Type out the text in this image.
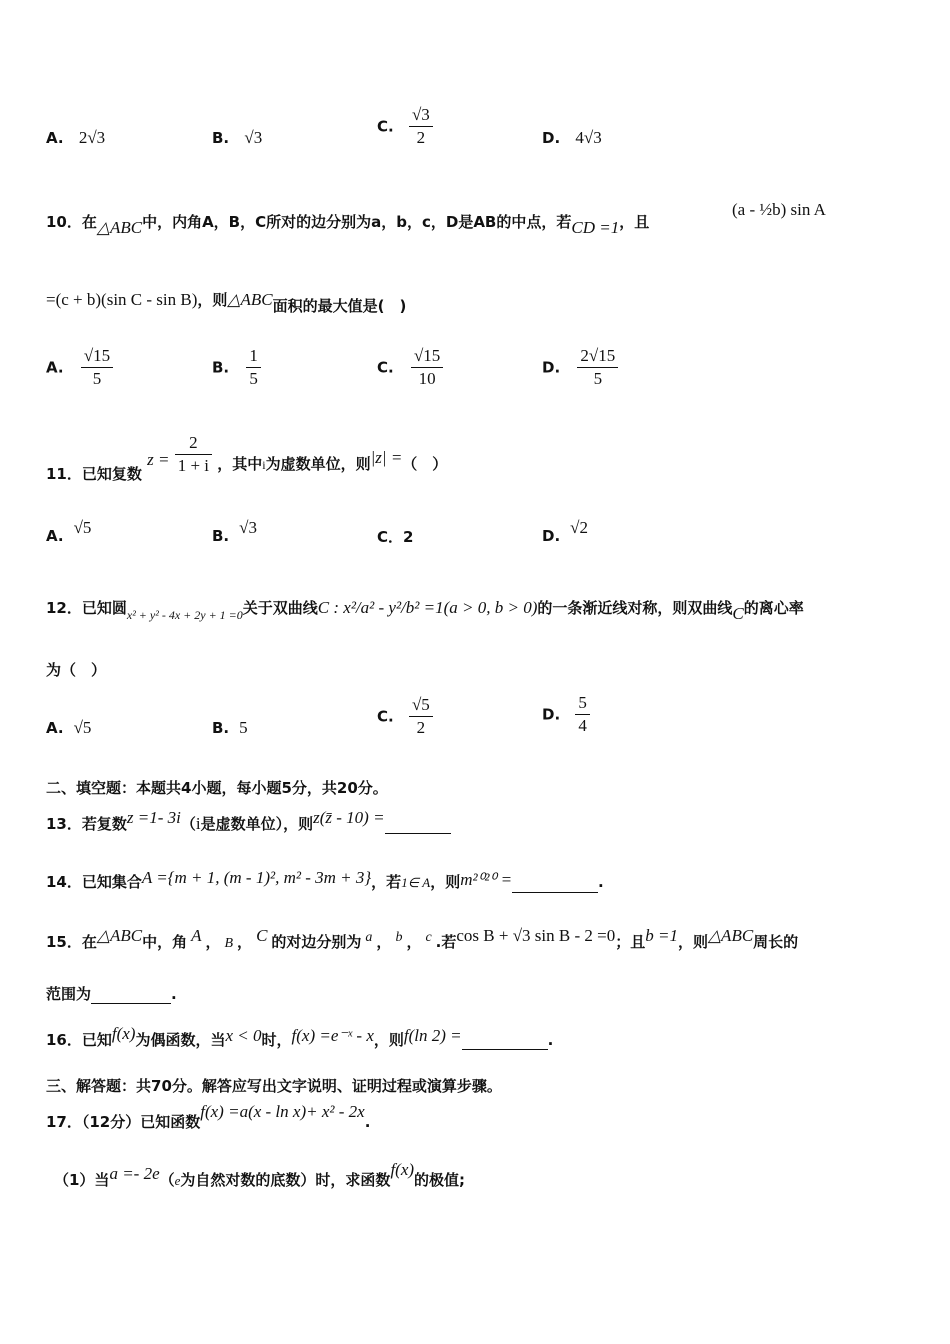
A. 2√3	B. √3
C. $\frac{√3}{2}$	D. 4√3
10．在△ABC中，内角A，B，C所对的边分别为a，b，c，D是AB的中点，若CD =1，且
(a - ½b) sin A
=(c + b)(sin C - sin B)，则△ABC面积的最大值是(　)
A. $\frac{√15}{5}$	B. $\frac{1}{5}$	C. $\frac{√15}{10}$	D. $\frac{2√15}{5}$
11．已知复数 $z = \frac{2}{1 + i}$ ，其中$_i$为虚数单位，则|z| =（　）
A. √5	B. √3	C．2	D. √2
12．已知圆$_{x^2 + y^2 - 4x + 2y + 1 =0}$关于双曲线C : x²/a² - y²/b² =1(a > 0, b > 0)的一条渐近线对称，则双曲线C的离心率
为（　）
A. √5	B. 5
C. $\frac{√5}{2}$	D. $\frac{5}{4}$
二、填空题：本题共4小题，每小题5分，共20分。
13．若复数z =1- 3i（i是虚数单位），则z(z̄ - 10) =
14．已知集合A ={m + 1, (m - 1)², m² - 3m + 3}，若1∈ A，则m²⁰²⁰ =	.
15．在△ABC中，角 A ， B ， C 的对边分别为 a ， b ， c .若cos B + √3 sin B - 2 =0；且b =1，则△ABC周长的
范围为	.
16．已知f(x)为偶函数，当x < 0时，f(x) =e⁻ˣ - x，则f(ln 2) =	.
三、解答题：共70分。解答应写出文字说明、证明过程或演算步骤。
17．（12分）已知函数f(x) =a(x - ln x)+ x² - 2x.
（1）当a =- 2e（e为自然对数的底数）时，求函数f(x)的极值;
